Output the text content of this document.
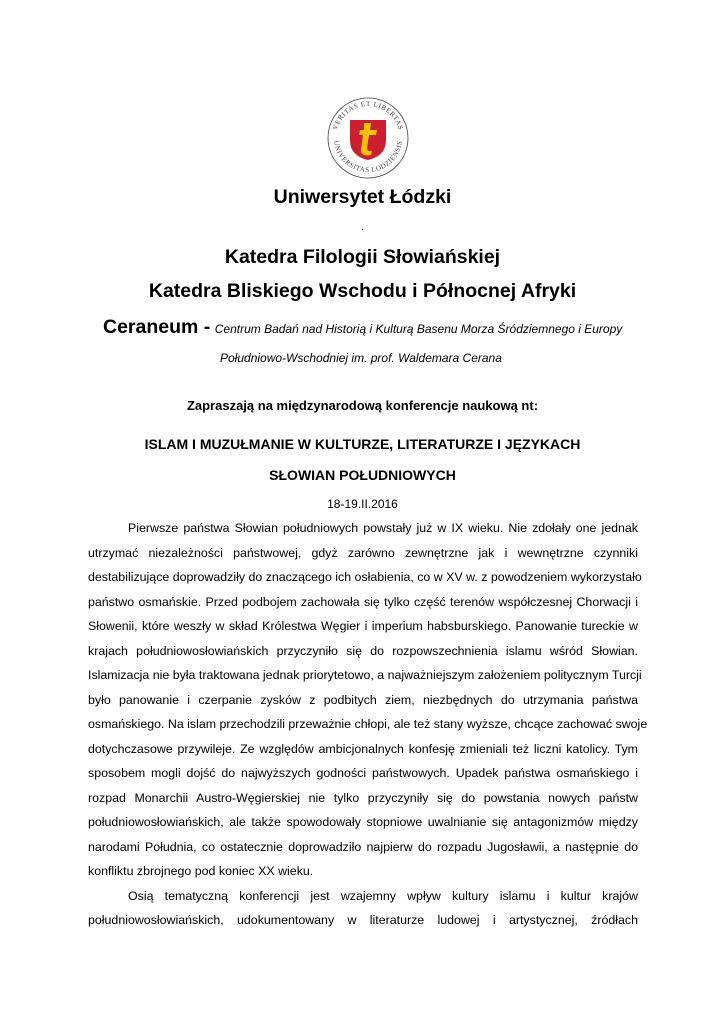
VERITAS ET LIBERTAS
UNIVERSITAS LODZIENSIS
Uniwersytet Łódzki
.
Katedra Filologii Słowiańskiej
Katedra Bliskiego Wschodu i Północnej Afryki
Ceraneum - Centrum Badań nad Historią i Kulturą Basenu Morza Śródziemnego i Europy
Południowo-Wschodniej im. prof. Waldemara Cerana
Zapraszają na międzynarodową konferencje naukową nt:
ISLAM I MUZUŁMANIE W KULTURZE, LITERATURZE I JĘZYKACH
SŁOWIAN POŁUDNIOWYCH
18-19.II.2016
Pierwsze państwa Słowian południowych powstały już w IX wieku. Nie zdołały one jednak
utrzymać niezależności państwowej, gdyż zarówno zewnętrzne jak i wewnętrzne czynniki
destabilizujące doprowadziły do znaczącego ich osłabienia, co w XV w. z powodzeniem wykorzystało
państwo osmańskie. Przed podbojem zachowała się tylko część terenów współczesnej Chorwacji i
Słowenii, które weszły w skład Królestwa Węgier i imperium habsburskiego. Panowanie tureckie w
krajach południowosłowiańskich przyczyniło się do rozpowszechnienia islamu wśród Słowian.
Islamizacja nie była traktowana jednak priorytetowo, a najważniejszym założeniem politycznym Turcji
było panowanie i czerpanie zysków z podbitych ziem, niezbędnych do utrzymania państwa
osmańskiego. Na islam przechodzili przeważnie chłopi, ale też stany wyższe, chcące zachować swoje
dotychczasowe przywileje. Ze względów ambicjonalnych konfesję zmieniali też liczni katolicy. Tym
sposobem mogli dojść do najwyższych godności państwowych. Upadek państwa osmańskiego i
rozpad Monarchii Austro-Węgierskiej nie tylko przyczyniły się do powstania nowych państw
południowosłowiańskich, ale także spowodowały stopniowe uwalnianie się antagonizmów między
narodami Południa, co ostatecznie doprowadziło najpierw do rozpadu Jugosławii, a następnie do
konfliktu zbrojnego pod koniec XX wieku.
Osią tematyczną konferencji jest wzajemny wpływ kultury islamu i kultur krajów
południowosłowiańskich, udokumentowany w literaturze ludowej i artystycznej, źródłach
